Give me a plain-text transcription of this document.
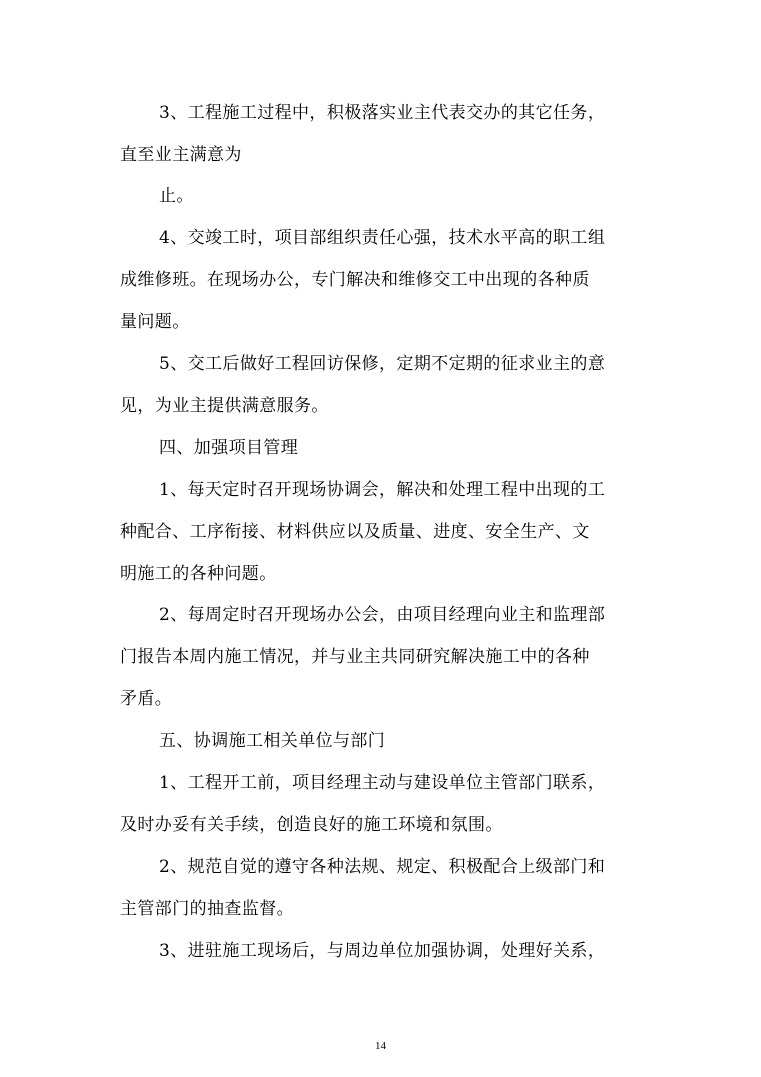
3、工程施工过程中，积极落实业主代表交办的其它任务，
直至业主满意为
止。
4、交竣工时，项目部组织责任心强，技术水平高的职工组
成维修班。在现场办公，专门解决和维修交工中出现的各种质
量问题。
5、交工后做好工程回访保修，定期不定期的征求业主的意
见，为业主提供满意服务。
四、加强项目管理
1、每天定时召开现场协调会，解决和处理工程中出现的工
种配合、工序衔接、材料供应以及质量、进度、安全生产、文
明施工的各种问题。
2、每周定时召开现场办公会，由项目经理向业主和监理部
门报告本周内施工情况，并与业主共同研究解决施工中的各种
矛盾。
五、协调施工相关单位与部门
1、工程开工前，项目经理主动与建设单位主管部门联系，
及时办妥有关手续，创造良好的施工环境和氛围。
2、规范自觉的遵守各种法规、规定、积极配合上级部门和
主管部门的抽查监督。
3、进驻施工现场后，与周边单位加强协调，处理好关系，
14
